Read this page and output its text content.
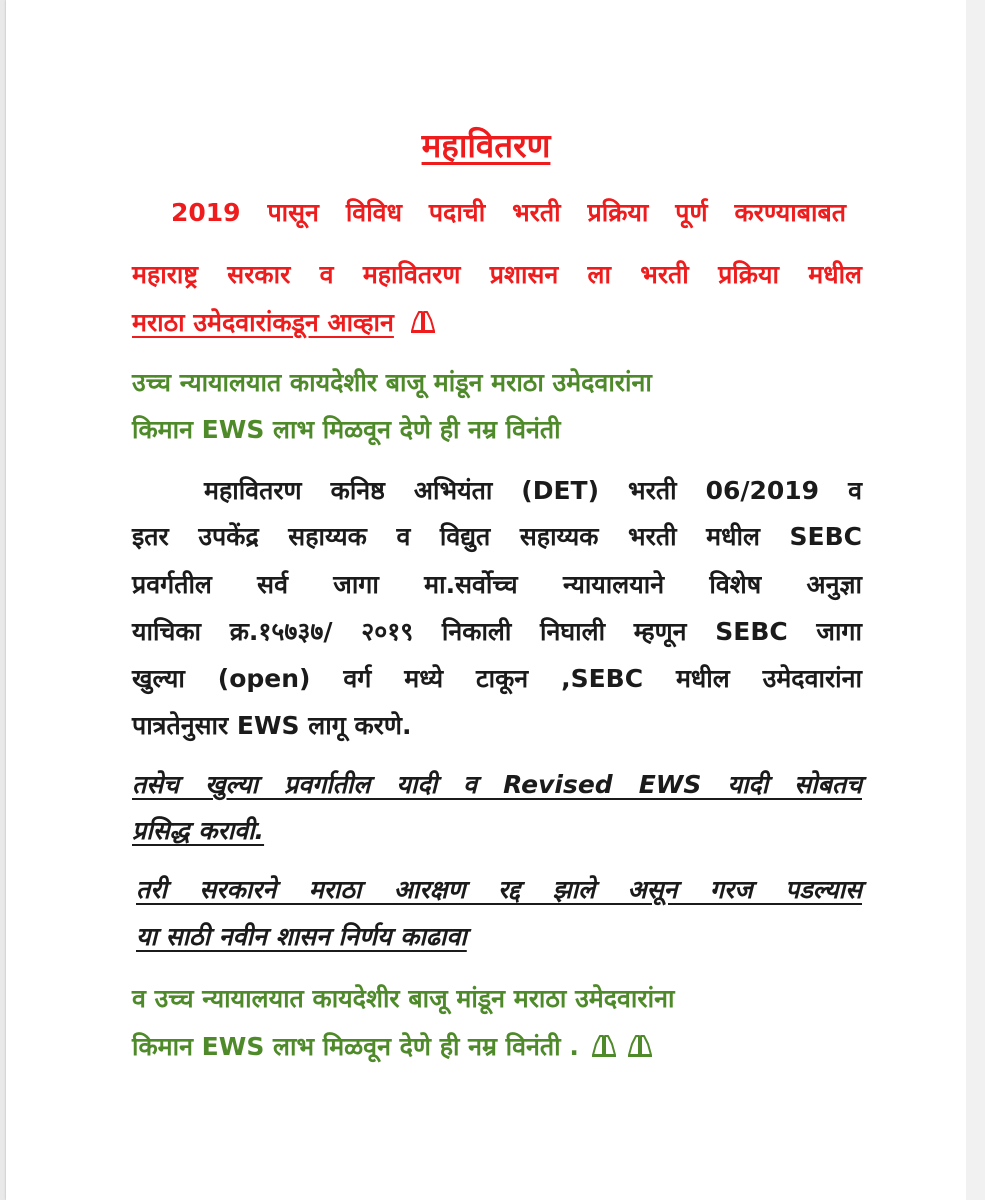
महावितरण
2019 पासून विविध पदाची भरती प्रक्रिया पूर्ण करण्याबाबत
महाराष्ट्र सरकार व महावितरण प्रशासन ला भरती प्रक्रिया मधील
मराठा उमेदवारांकडून आव्हान
उच्च न्यायालयात कायदेशीर बाजू मांडून मराठा उमेदवारांना
किमान EWS लाभ मिळवून देणे ही नम्र विनंती
महावितरण कनिष्ठ अभियंता (DET) भरती 06/2019 व
इतर उपकेंद्र सहाय्यक व विद्युत सहाय्यक भरती मधील SEBC
प्रवर्गतील सर्व जागा मा.सर्वोच्च न्यायालयाने विशेष अनुज्ञा
याचिका क्र.१५७३७/ २०१९ निकाली निघाली म्हणून SEBC जागा
खुल्या (open) वर्ग मध्ये टाकून ,SEBC मधील उमेदवारांना
पात्रतेनुसार EWS लागू करणे.
तसेच खुल्या प्रवर्गातील यादी व Revised EWS यादी सोबतच
प्रसिद्ध करावी.
तरी सरकारने मराठा आरक्षण रद्द झाले असून गरज पडल्यास
या साठी नवीन शासन निर्णय काढावा
व उच्च न्यायालयात कायदेशीर बाजू मांडून मराठा उमेदवारांना
किमान EWS लाभ मिळवून देणे ही नम्र विनंती .
